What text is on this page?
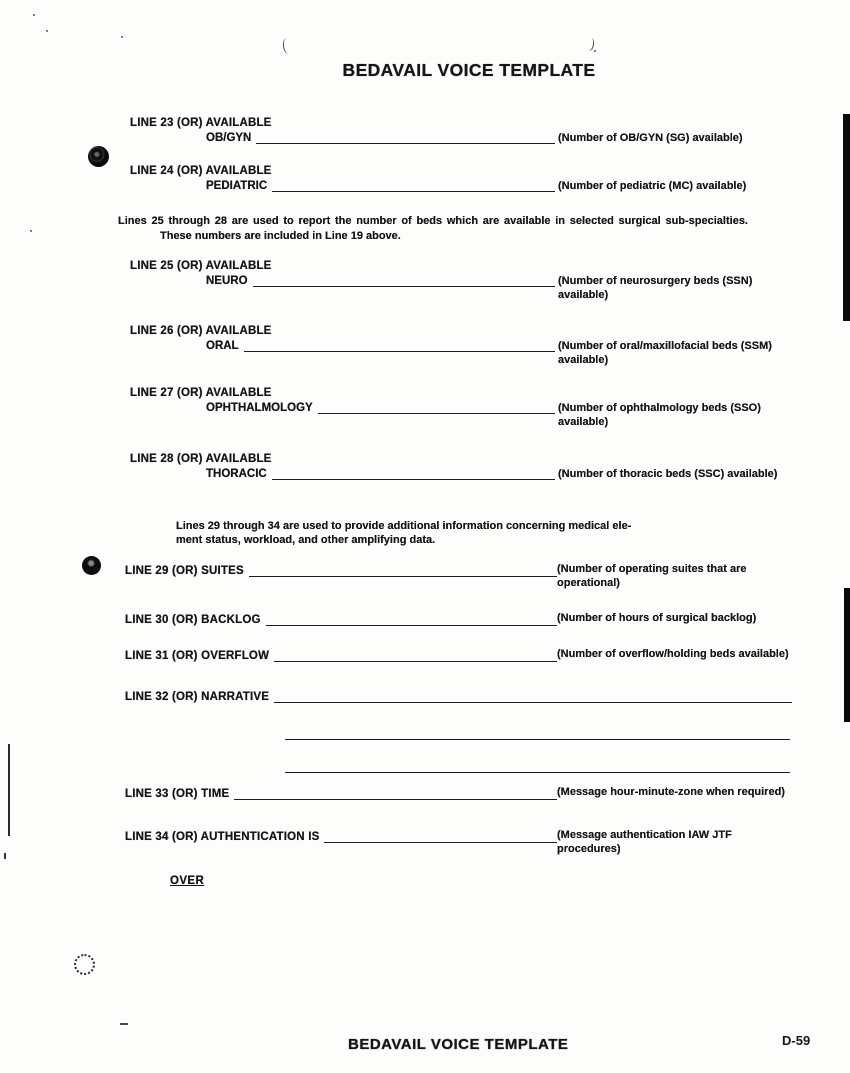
BEDAVAIL VOICE TEMPLATE
LINE 23 (OR) AVAILABLE
OB/GYN	(Number of OB/GYN (SG) available)
LINE 24 (OR) AVAILABLE
PEDIATRIC	(Number of pediatric (MC) available)
Lines 25 through 28 are used to report the number of beds which are available in selected surgical sub-specialties. These numbers are included in Line 19 above.
LINE 25 (OR) AVAILABLE
NEURO	(Number of neurosurgery beds (SSN) available)
LINE 26 (OR) AVAILABLE
ORAL	(Number of oral/maxillofacial beds (SSM) available)
LINE 27 (OR) AVAILABLE
OPHTHALMOLOGY	(Number of ophthalmology beds (SSO) available)
LINE 28 (OR) AVAILABLE
THORACIC	(Number of thoracic beds (SSC) available)
Lines 29 through 34 are used to provide additional information concerning medical ele-
ment status, workload, and other amplifying data.
LINE 29 (OR) SUITES	(Number of operating suites that are operational)
LINE 30 (OR) BACKLOG	(Number of hours of surgical backlog)
LINE 31 (OR) OVERFLOW	(Number of overflow/holding beds available)
LINE 32 (OR) NARRATIVE
LINE 33 (OR) TIME	(Message hour-minute-zone when required)
LINE 34 (OR) AUTHENTICATION IS	(Message authentication IAW JTF procedures)
OVER
BEDAVAIL VOICE TEMPLATE	D-59
